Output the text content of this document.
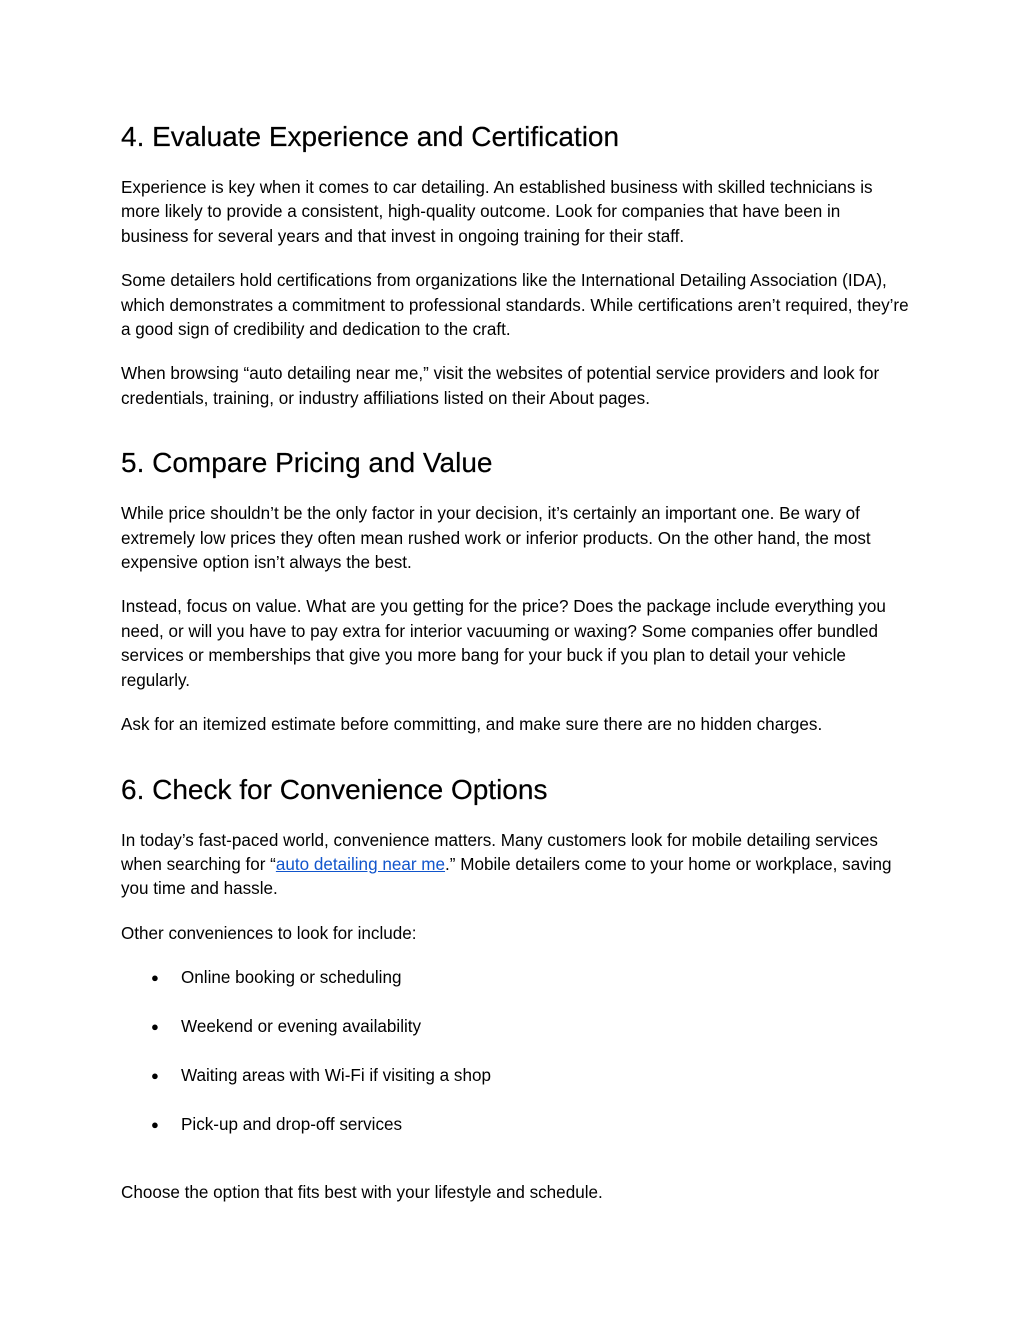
4. Evaluate Experience and Certification

Experience is key when it comes to car detailing. An established business with skilled technicians is more likely to provide a consistent, high-quality outcome. Look for companies that have been in business for several years and that invest in ongoing training for their staff.

Some detailers hold certifications from organizations like the International Detailing Association (IDA), which demonstrates a commitment to professional standards. While certifications aren’t required, they’re a good sign of credibility and dedication to the craft.

When browsing “auto detailing near me,” visit the websites of potential service providers and look for credentials, training, or industry affiliations listed on their About pages.

5. Compare Pricing and Value

While price shouldn’t be the only factor in your decision, it’s certainly an important one. Be wary of extremely low prices they often mean rushed work or inferior products. On the other hand, the most expensive option isn’t always the best.

Instead, focus on value. What are you getting for the price? Does the package include everything you need, or will you have to pay extra for interior vacuuming or waxing? Some companies offer bundled services or memberships that give you more bang for your buck if you plan to detail your vehicle regularly.

Ask for an itemized estimate before committing, and make sure there are no hidden charges.

6. Check for Convenience Options

In today’s fast-paced world, convenience matters. Many customers look for mobile detailing services when searching for “auto detailing near me.” Mobile detailers come to your home or workplace, saving you time and hassle.

Other conveniences to look for include:

● Online booking or scheduling
● Weekend or evening availability
● Waiting areas with Wi-Fi if visiting a shop
● Pick-up and drop-off services

Choose the option that fits best with your lifestyle and schedule.
